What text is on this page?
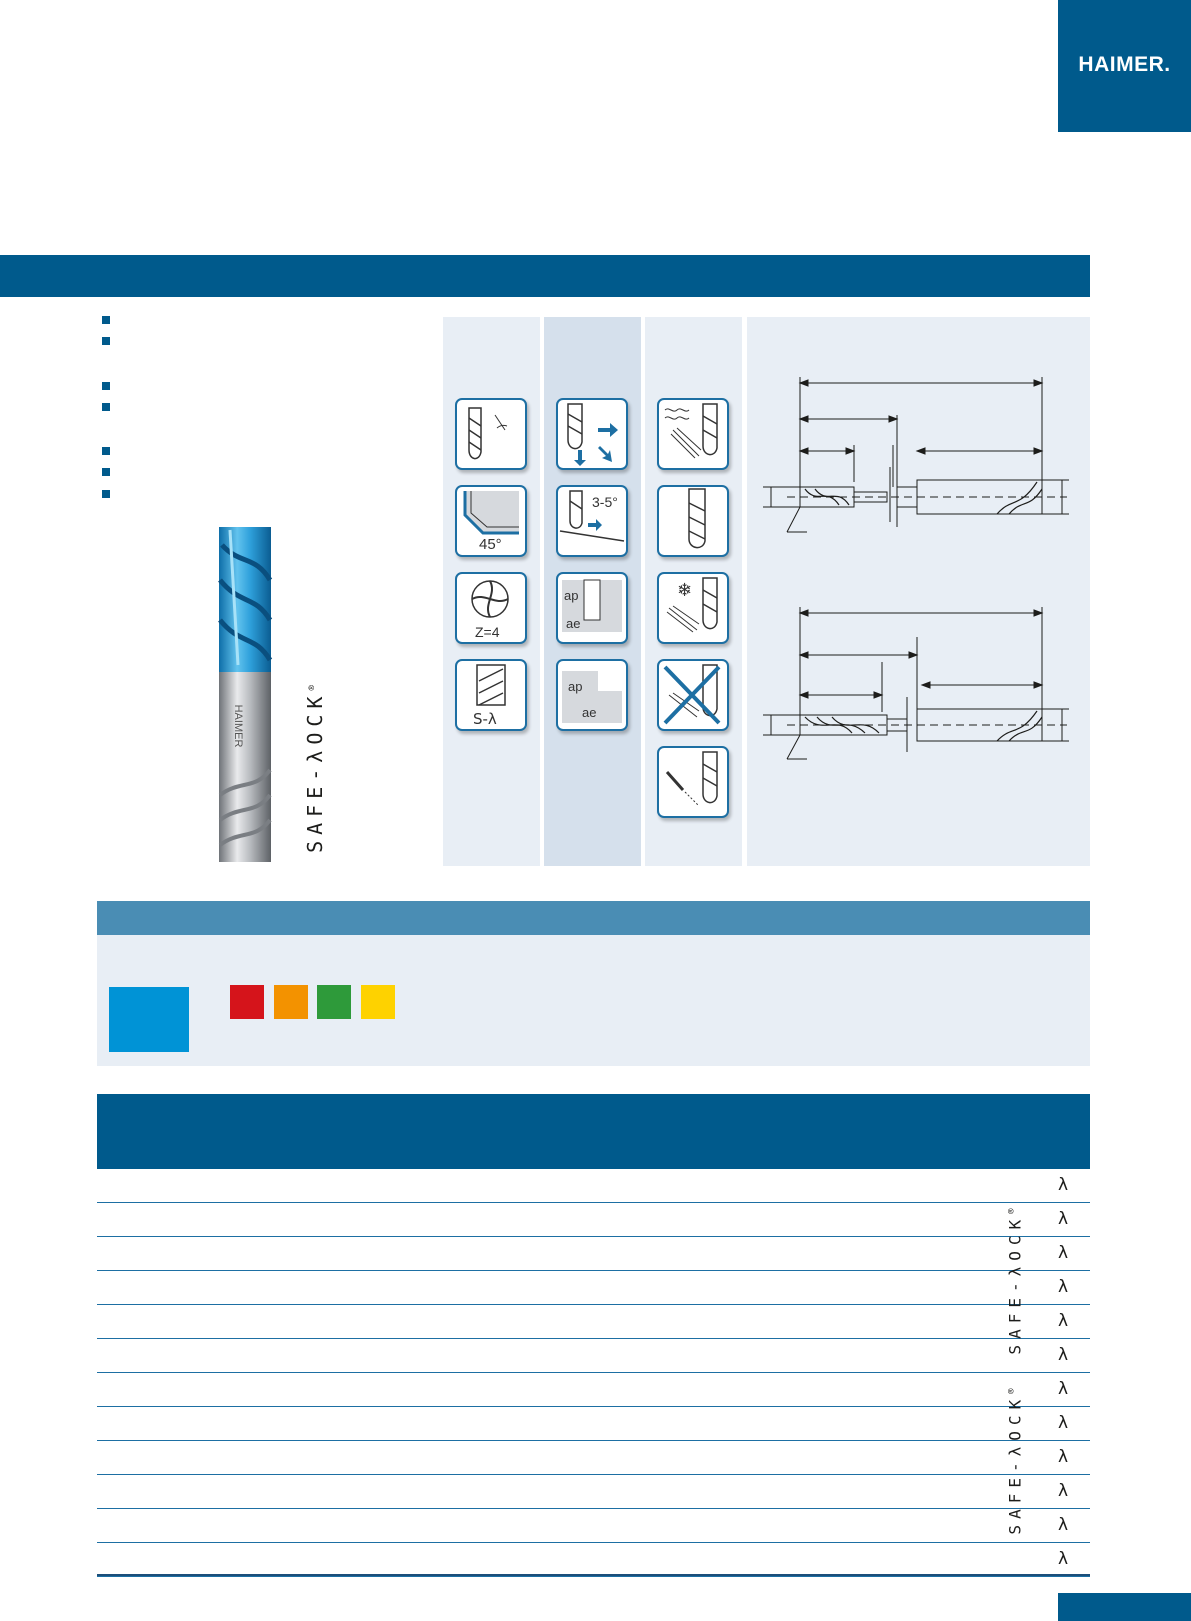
HAIMER.
HAIMER	SAFE-λOCK®
45°
Z=4
S-λ
3-5°
ap
ae
ap
ae
❄
λ
λ
λ
λ
λ
λ
λ
λ
λ
λ
λ
λ
SAFE-λOCK®
SAFE-λOCK®
